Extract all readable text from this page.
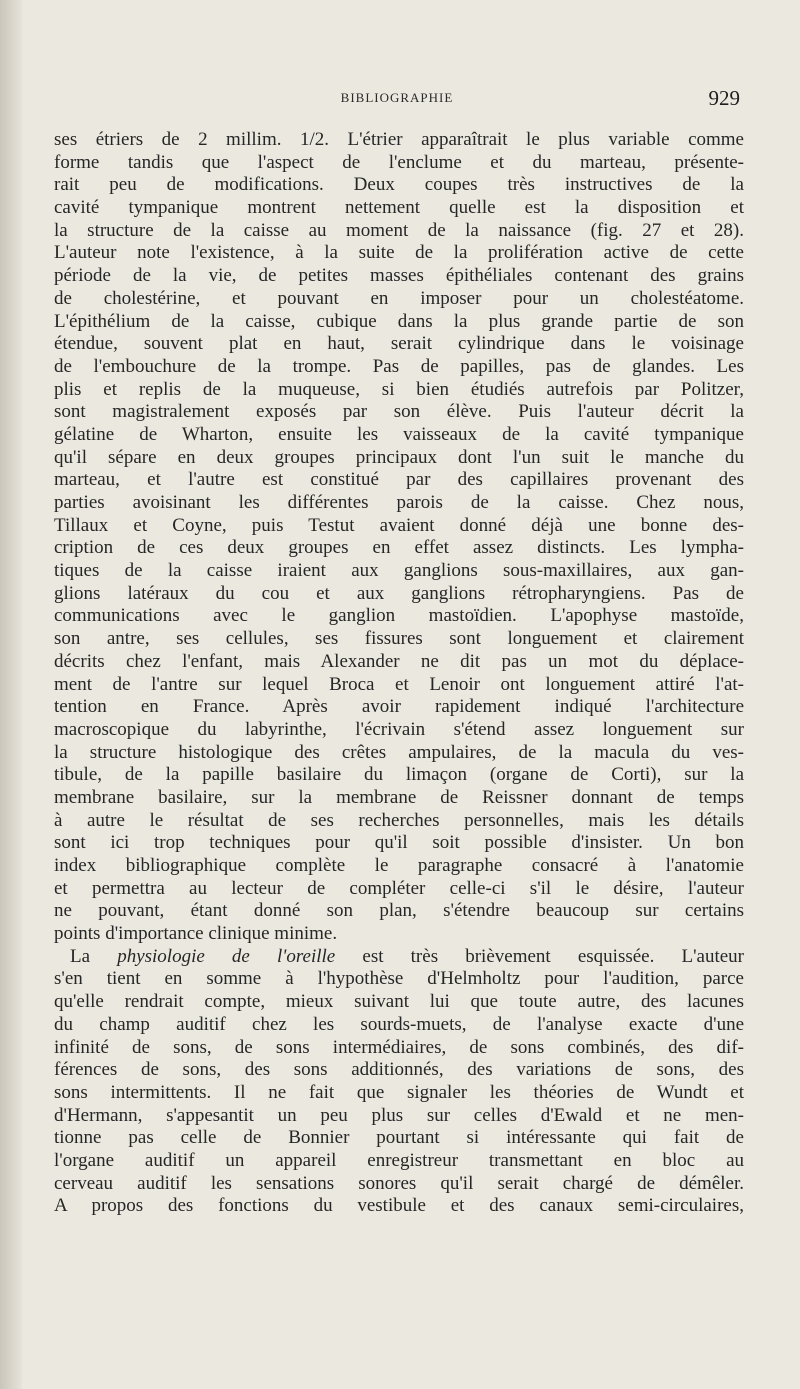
BIBLIOGRAPHIE	929
ses étriers de 2 millim. 1/2. L'étrier apparaîtrait le plus variable comme
forme tandis que l'aspect de l'enclume et du marteau, présente-
rait peu de modifications. Deux coupes très instructives de la
cavité tympanique montrent nettement quelle est la disposition et
la structure de la caisse au moment de la naissance (fig. 27 et 28).
L'auteur note l'existence, à la suite de la prolifération active de cette
période de la vie, de petites masses épithéliales contenant des grains
de cholestérine, et pouvant en imposer pour un cholestéatome.
L'épithélium de la caisse, cubique dans la plus grande partie de son
étendue, souvent plat en haut, serait cylindrique dans le voisinage
de l'embouchure de la trompe. Pas de papilles, pas de glandes. Les
plis et replis de la muqueuse, si bien étudiés autrefois par Politzer,
sont magistralement exposés par son élève. Puis l'auteur décrit la
gélatine de Wharton, ensuite les vaisseaux de la cavité tympanique
qu'il sépare en deux groupes principaux dont l'un suit le manche du
marteau, et l'autre est constitué par des capillaires provenant des
parties avoisinant les différentes parois de la caisse. Chez nous,
Tillaux et Coyne, puis Testut avaient donné déjà une bonne des-
cription de ces deux groupes en effet assez distincts. Les lympha-
tiques de la caisse iraient aux ganglions sous-maxillaires, aux gan-
glions latéraux du cou et aux ganglions rétropharyngiens. Pas de
communications avec le ganglion mastoïdien. L'apophyse mastoïde,
son antre, ses cellules, ses fissures sont longuement et clairement
décrits chez l'enfant, mais Alexander ne dit pas un mot du déplace-
ment de l'antre sur lequel Broca et Lenoir ont longuement attiré l'at-
tention en France. Après avoir rapidement indiqué l'architecture
macroscopique du labyrinthe, l'écrivain s'étend assez longuement sur
la structure histologique des crêtes ampulaires, de la macula du ves-
tibule, de la papille basilaire du limaçon (organe de Corti), sur la
membrane basilaire, sur la membrane de Reissner donnant de temps
à autre le résultat de ses recherches personnelles, mais les détails
sont ici trop techniques pour qu'il soit possible d'insister. Un bon
index bibliographique complète le paragraphe consacré à l'anatomie
et permettra au lecteur de compléter celle-ci s'il le désire, l'auteur
ne pouvant, étant donné son plan, s'étendre beaucoup sur certains
points d'importance clinique minime.
La physiologie de l'oreille est très brièvement esquissée. L'auteur
s'en tient en somme à l'hypothèse d'Helmholtz pour l'audition, parce
qu'elle rendrait compte, mieux suivant lui que toute autre, des lacunes
du champ auditif chez les sourds-muets, de l'analyse exacte d'une
infinité de sons, de sons intermédiaires, de sons combinés, des dif-
férences de sons, des sons additionnés, des variations de sons, des
sons intermittents. Il ne fait que signaler les théories de Wundt et
d'Hermann, s'appesantit un peu plus sur celles d'Ewald et ne men-
tionne pas celle de Bonnier pourtant si intéressante qui fait de
l'organe auditif un appareil enregistreur transmettant en bloc au
cerveau auditif les sensations sonores qu'il serait chargé de démêler.
A propos des fonctions du vestibule et des canaux semi-circulaires,
